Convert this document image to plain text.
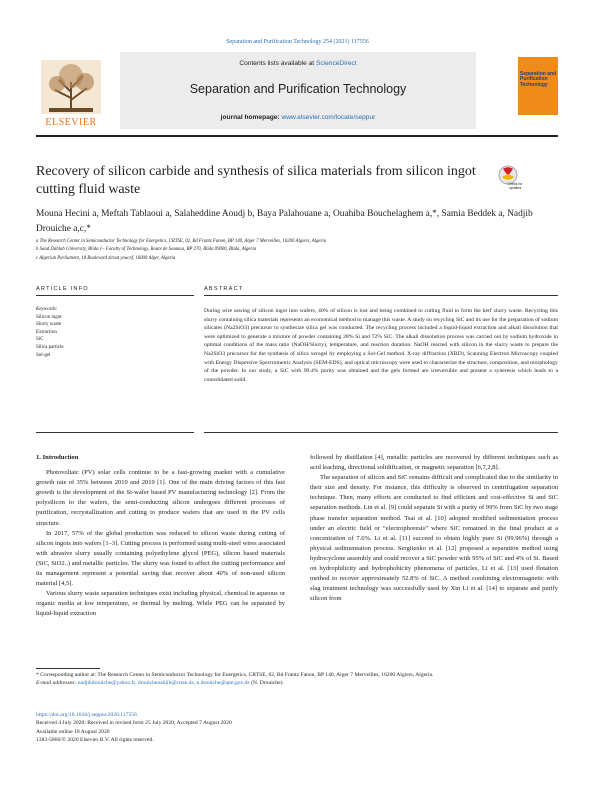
Separation and Purification Technology 254 (2021) 117556
Contents lists available at ScienceDirect
Separation and Purification Technology
journal homepage: www.elsevier.com/locate/seppur
ELSEVIER
Separation and Purification Technology
Recovery of silicon carbide and synthesis of silica materials from silicon ingot cutting fluid waste	Check for updates
Mouna Hecini a, Meftah Tablaoui a, Salaheddine Aoudj b, Baya Palahouane a, Ouahiba Bouchelaghem a,*, Samia Beddek a, Nadjib Drouiche a,c,*
a The Research Center in Semiconductor Technology for Energetics, CRTSE, 02, Bd Frantz Fanon, BP 140, Alger 7 Merveilles, 16200 Algiers, Algeria
b Saad Dahlab University, Blida 1– Faculty of Technology, Route de Soumaa, BP 270, Blida 09000, Blida, Algeria
c Algerian Parliament, 18 Boulevard zirout youcef, 16000 Alger, Algeria
ARTICLE INFO	ABSTRACT
Keywords:
Silicon ingot
Slurry waste
Extraction
SiC
Silica particle
Sol-gel
During wire sawing of silicon ingot into wafers, 40% of silicon is lost and being combined to cutting fluid to form the kerf slurry waste. Recycling this slurry containing silica materials represents an economical method to manage this waste. A study on recycling SiC and its use for the preparation of sodium silicates (Na2SiO3) precursor to synthesize silica gel was conducted. The recycling process included a liquid-liquid extraction and alkali dissolution that were optimized to generate a mixture of powder containing 28% Si and 72% SiC. The alkali dissolution process was carried out by sodium hydroxide in optimal conditions of the mass ratio (NaOH/Slurry), temperature, and reaction duration. NaOH reacted with silicon in the slurry waste to prepare the Na2SiO3 precursor for the synthesis of silica xerogel by employing a Sol-Gel method. X-ray diffraction (XRD), Scanning Electron Microscopy coupled with Energy Dispersive Spectrometric Analysis (SEM-EDS), and optical microscopy were used to characterize the structure, composition, and morphology of the powder. In our study, a SiC with 99.4% purity was obtained and the gels formed are irreversible and present a syneresis which leads to a consolidated solid.
1. Introduction

Photovoltaic (PV) solar cells continue to be a fast-growing market with a cumulative growth rate of 35% between 2010 and 2019 [1]. One of the main driving factors of this fast growth is the development of the Si-wafer based PV manufacturing technology [2]. From the polysilicon to the wafers, the semi-conducting silicon undergoes different processes of purification, recrystallization and cutting to produce wafers that are used in the PV cells structure.

In 2017, 57% of the global production was reduced to silicon waste during cutting of silicon ingots into wafers [1–3]. Cutting process is performed using multi-steel wires associated with abrasive slurry usually containing polyethylene glycol (PEG), silicon based materials (SiC, SiO2..) and metallic particles. The slurry was found to affect the cutting performance and its management represent a potential saving that recover about 40% of non-used silicon material [4,5].

Various slurry waste separation techniques exist including physical, chemical in aqueous or organic media at low temperature, or thermal by melting. While PEG can be separated by liquid-liquid extraction

followed by distillation [4], metallic particles are recovered by different techniques such as acid leaching, directional solidification, or magnetic separation [6,7,2,8].

The separation of silicon and SiC remains difficult and complicated due to the similarity in their size and density. For instance, this difficulty is observed in centrifugation separation technique. Then, many efforts are conducted to find efficient and cost-effective Si and SiC separation methods. Lin et al. [9] could separate Si with a purity of 99% from SiC by two stage phase transfer separation method. Tsai et al. [10] adopted modified sedimentation process under an electric field or “electrophoresis” where SiC remained in the final product at a concentration of 7.6%. Li et al. [11] succeed to obtain highly pure Si (99.96%) through a physical sedimentation process. Sergiienko et al. [12] proposed a separation method using hydrocyclone assembly and could recover a SiC powder with 95% of SiC and 4% of Si. Based on hydrophilicity and hydrophobicity phenomena of particles, Li et al. [13] used flotation method to recover approximately 52.8% of SiC. A method combining electromagnetic with slag treatment technology was successfully used by Xin Li et al. [14] to separate and purify silicon from

* Corresponding author at: The Research Center in Semiconductor Technology for Energetics, CRTSE, 02, Bd Frantz Fanon, BP 140, Alger 7 Merveilles, 16200 Algiers, Algeria.
E-mail addresses: nadjibdrouiche@yahoo.fr, drouichenadjib@crtse.dz, n.drouiche@apn.gov.dz (N. Drouiche).
https://doi.org/10.1016/j.seppur.2020.117556
Received 4 July 2020; Received in revised form 25 July 2020; Accepted 7 August 2020
Available online 18 August 2020
1383-5866/© 2020 Elsevier B.V. All rights reserved.
